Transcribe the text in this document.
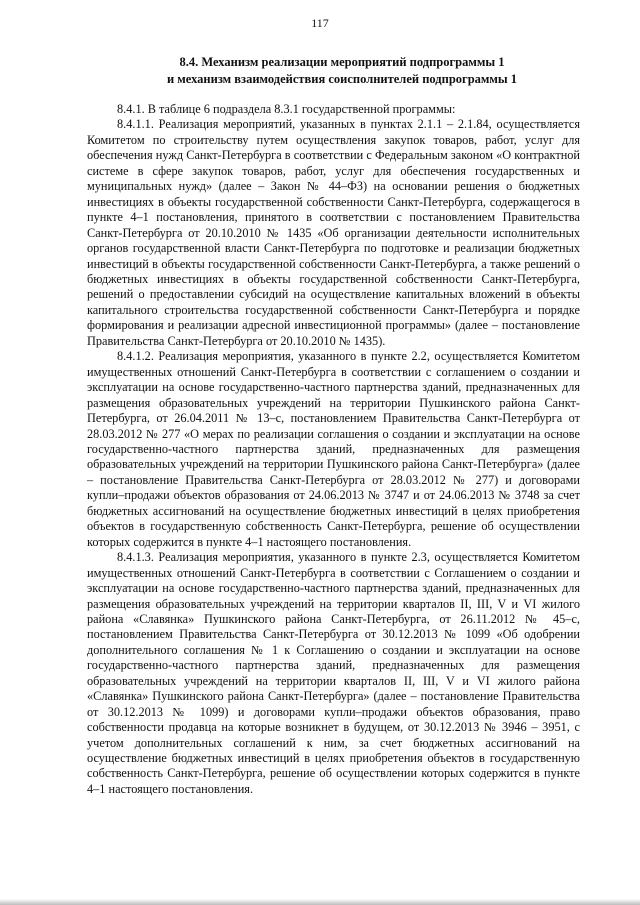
117
8.4. Механизм реализации мероприятий подпрограммы 1
и механизм взаимодействия соисполнителей подпрограммы 1

8.4.1. В таблице 6 подраздела 8.3.1 государственной программы:

8.4.1.1. Реализация мероприятий, указанных в пунктах 2.1.1 – 2.1.84, осуществляется Комитетом по строительству путем осуществления закупок товаров, работ, услуг для обеспечения нужд Санкт-Петербурга в соответствии с Федеральным законом «О контрактной системе в сфере закупок товаров, работ, услуг для обеспечения государственных и муниципальных нужд» (далее – Закон № 44–ФЗ) на основании решения о бюджетных инвестициях в объекты государственной собственности Санкт-Петербурга, содержащегося в пункте 4–1 постановления, принятого в соответствии с постановлением Правительства Санкт-Петербурга от 20.10.2010 № 1435 «Об организации деятельности исполнительных органов государственной власти Санкт-Петербурга по подготовке и реализации бюджетных инвестиций в объекты государственной собственности Санкт-Петербурга, а также решений о бюджетных инвестициях в объекты государственной собственности Санкт-Петербурга, решений о предоставлении субсидий на осуществление капитальных вложений в объекты капитального строительства государственной собственности Санкт-Петербурга и порядке формирования и реализации адресной инвестиционной программы» (далее – постановление Правительства Санкт-Петербурга от 20.10.2010 № 1435).

8.4.1.2. Реализация мероприятия, указанного в пункте 2.2, осуществляется Комитетом имущественных отношений Санкт-Петербурга в соответствии с соглашением о создании и эксплуатации на основе государственно-частного партнерства зданий, предназначенных для размещения образовательных учреждений на территории Пушкинского района Санкт-Петербурга, от 26.04.2011 № 13–с, постановлением Правительства Санкт-Петербурга от 28.03.2012 № 277 «О мерах по реализации соглашения о создании и эксплуатации на основе государственно-частного партнерства зданий, предназначенных для размещения образовательных учреждений на территории Пушкинского района Санкт-Петербурга» (далее – постановление Правительства Санкт-Петербурга от 28.03.2012 № 277) и договорами купли–продажи объектов образования от 24.06.2013 № 3747 и от 24.06.2013 № 3748 за счет бюджетных ассигнований на осуществление бюджетных инвестиций в целях приобретения объектов в государственную собственность Санкт-Петербурга, решение об осуществлении которых содержится в пункте 4–1 настоящего постановления.

8.4.1.3. Реализация мероприятия, указанного в пункте 2.3, осуществляется Комитетом имущественных отношений Санкт-Петербурга в соответствии с Соглашением о создании и эксплуатации на основе государственно-частного партнерства зданий, предназначенных для размещения образовательных учреждений на территории кварталов II, III, V и VI жилого района «Славянка» Пушкинского района Санкт-Петербурга, от 26.11.2012 № 45–с, постановлением Правительства Санкт-Петербурга от 30.12.2013 № 1099 «Об одобрении дополнительного соглашения № 1 к Соглашению о создании и эксплуатации на основе государственно-частного партнерства зданий, предназначенных для размещения образовательных учреждений на территории кварталов II, III, V и VI жилого района «Славянка» Пушкинского района Санкт-Петербурга» (далее – постановление Правительства от 30.12.2013 № 1099) и договорами купли–продажи объектов образования, право собственности продавца на которые возникнет в будущем, от 30.12.2013 № 3946 – 3951, с учетом дополнительных соглашений к ним, за счет бюджетных ассигнований на осуществление бюджетных инвестиций в целях приобретения объектов в государственную собственность Санкт-Петербурга, решение об осуществлении которых содержится в пункте 4–1 настоящего постановления.
